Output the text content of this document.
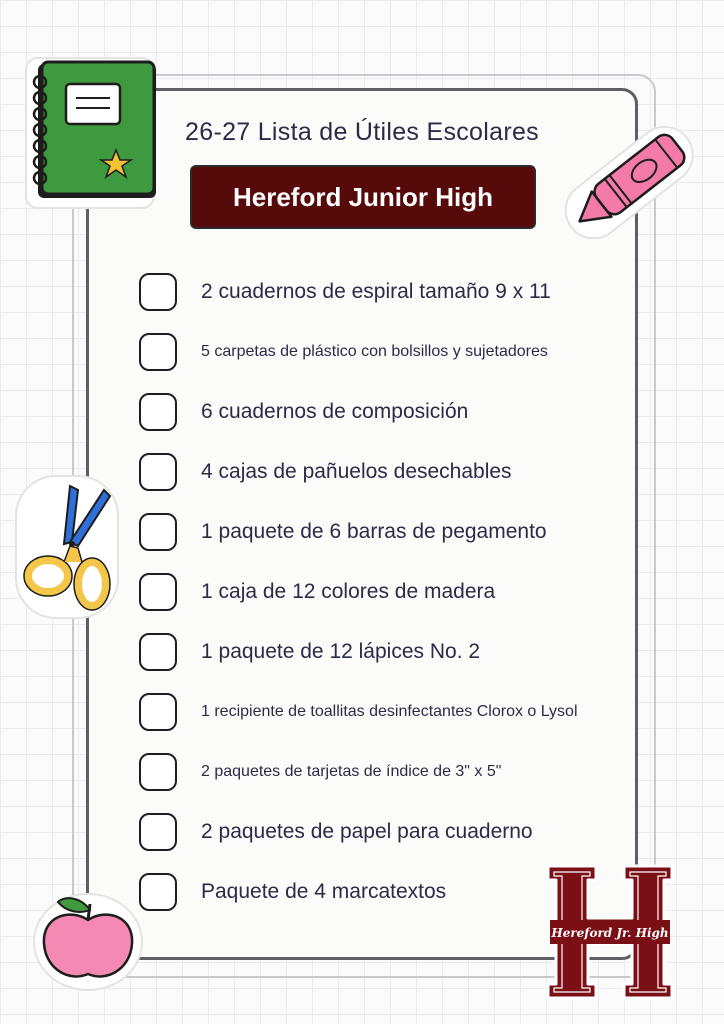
26-27 Lista de Útiles Escolares
Hereford Junior High
2 cuadernos de espiral tamaño 9 x 11
5 carpetas de plástico con bolsillos y sujetadores
6 cuadernos de composición
4 cajas de pañuelos desechables
1 paquete de 6 barras de pegamento
1 caja de 12 colores de madera
1 paquete de 12 lápices No. 2
1 recipiente de toallitas desinfectantes Clorox o Lysol
2 paquetes de tarjetas de índice de 3" x 5"
2 paquetes de papel para cuaderno
Paquete de 4 marcatextos
Hereford Jr. High
